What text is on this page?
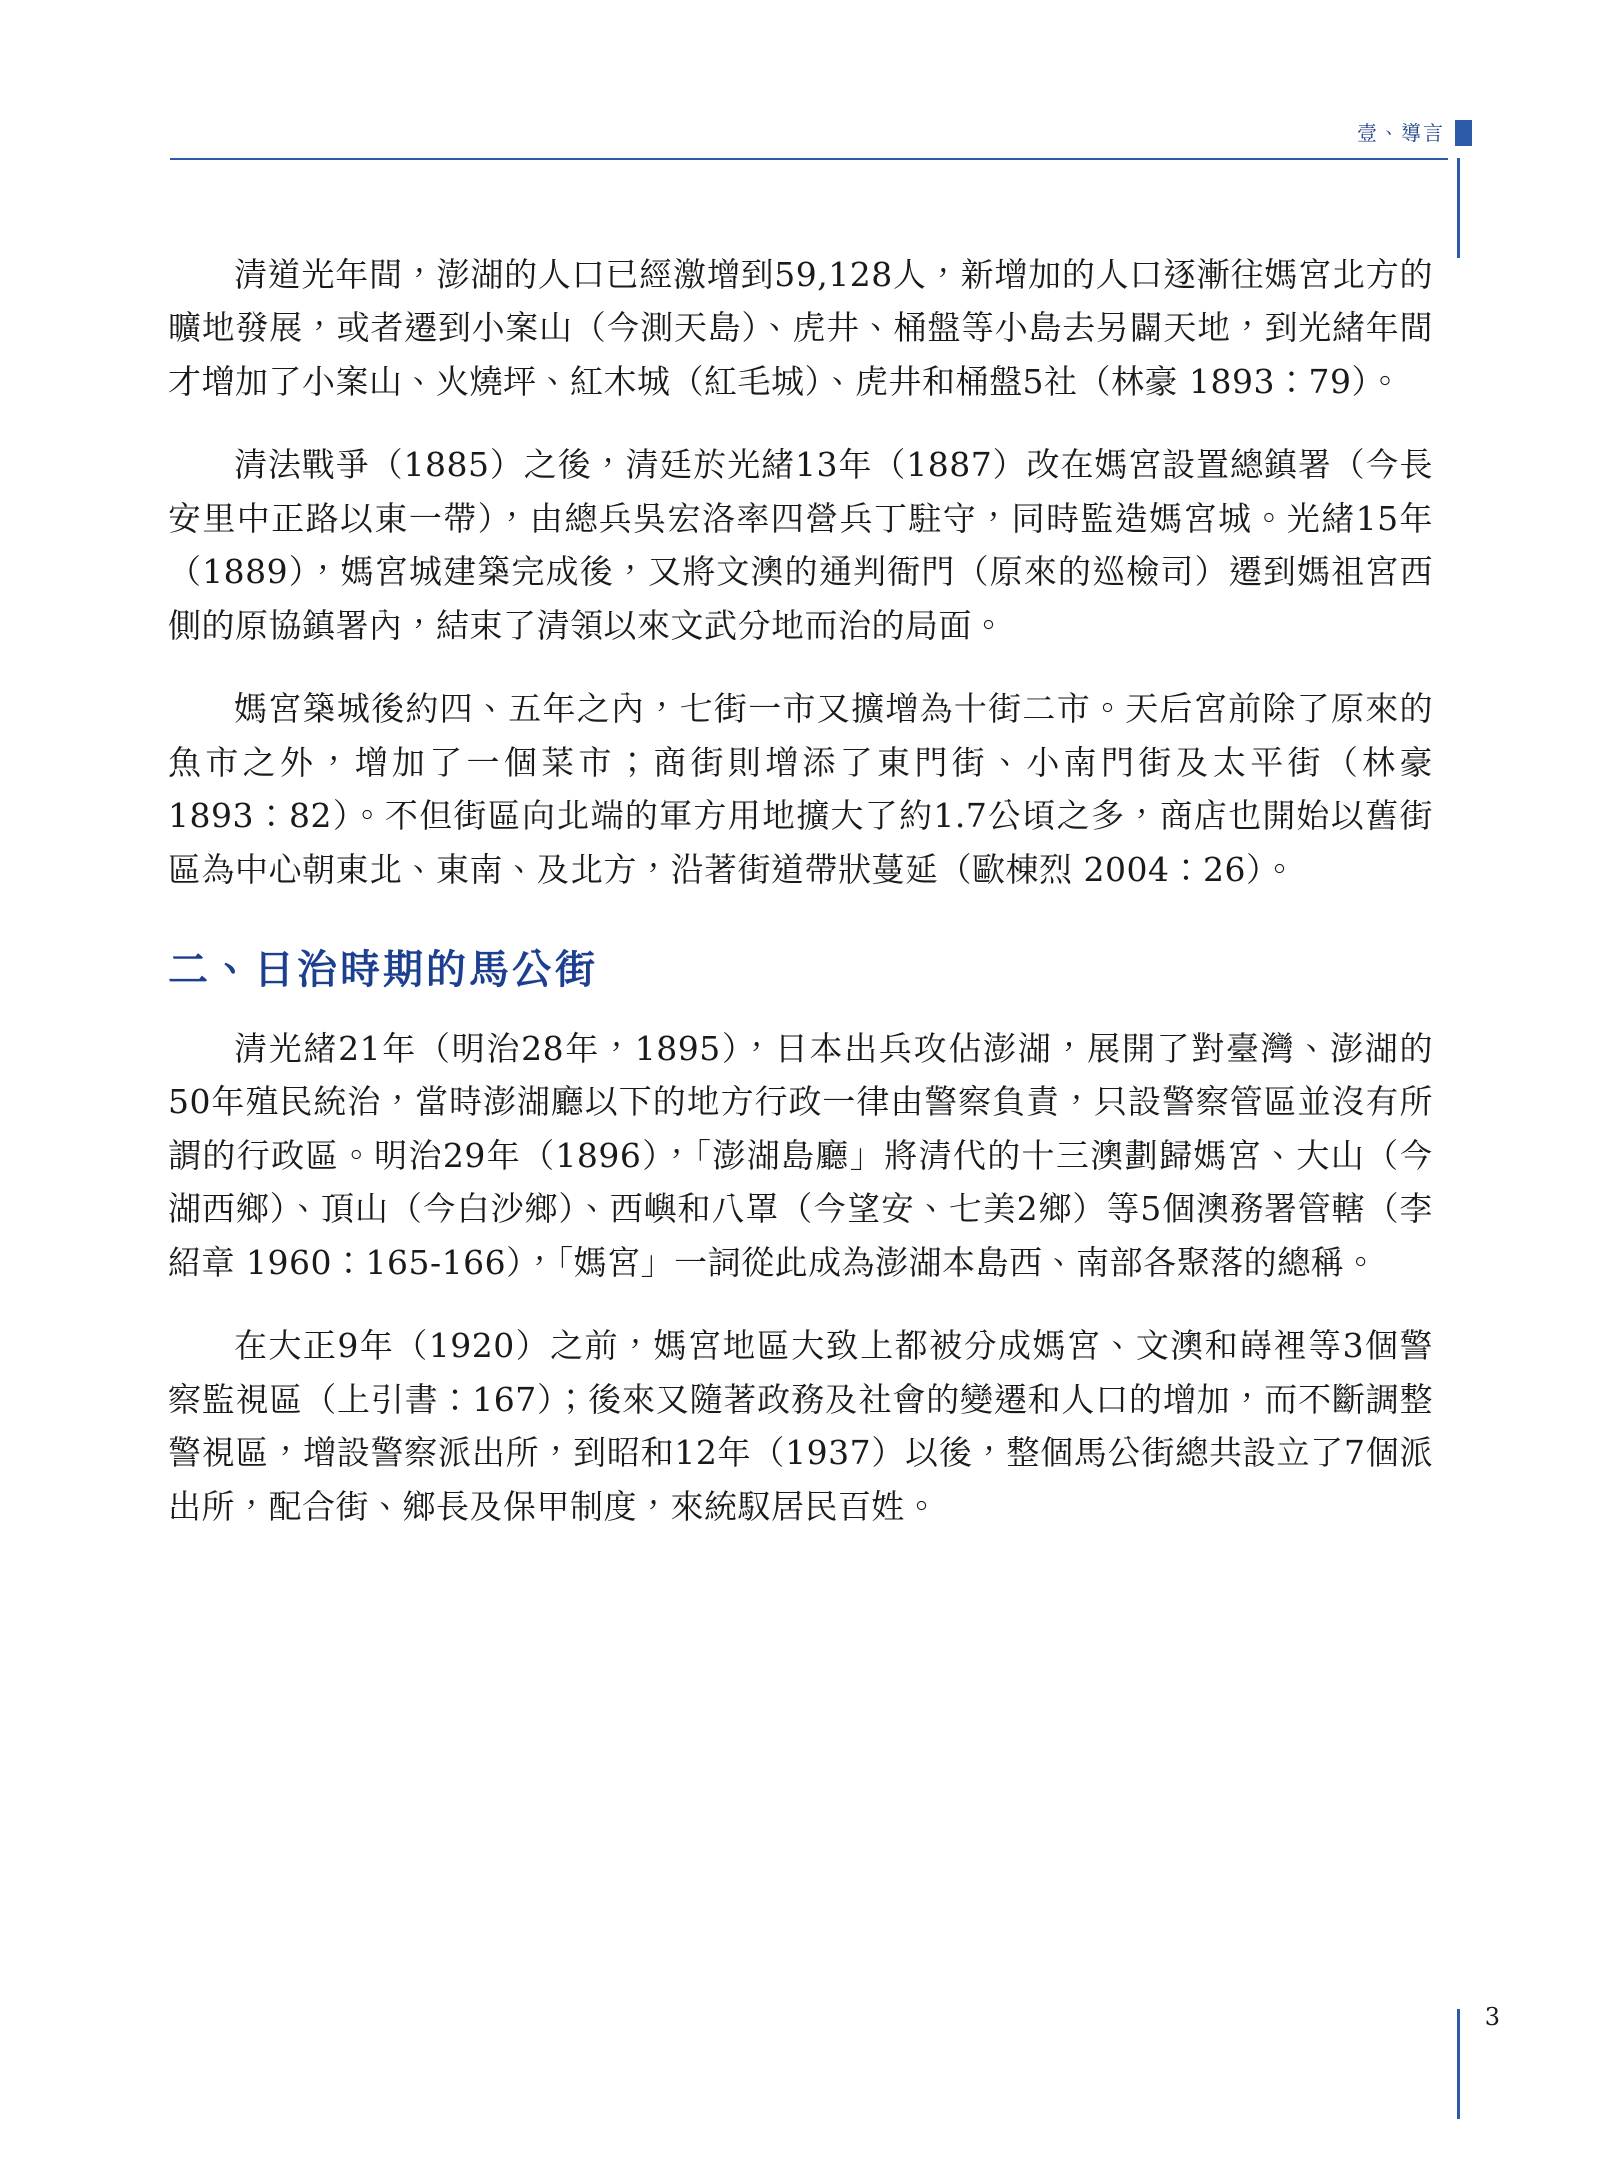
壹、導言

清道光年間，澎湖的人口已經激增到59,128人，新增加的人口逐漸往媽宮北方的曠地發展，或者遷到小案山（今測天島）、虎井、桶盤等小島去另闢天地，到光緒年間才增加了小案山、火燒坪、紅木城（紅毛城）、虎井和桶盤5社（林豪 1893：79）。

清法戰爭（1885）之後，清廷於光緒13年（1887）改在媽宮設置總鎮署（今長安里中正路以東一帶），由總兵吳宏洛率四營兵丁駐守，同時監造媽宮城。光緒15年（1889），媽宮城建築完成後，又將文澳的通判衙門（原來的巡檢司）遷到媽祖宮西側的原協鎮署內，結束了清領以來文武分地而治的局面。

媽宮築城後約四、五年之內，七街一市又擴增為十街二市。天后宮前除了原來的魚市之外，增加了一個菜市；商街則增添了東門街、小南門街及太平街（林豪 1893：82）。不但街區向北端的軍方用地擴大了約1.7公頃之多，商店也開始以舊街區為中心朝東北、東南、及北方，沿著街道帶狀蔓延（歐棟烈 2004：26）。

二、日治時期的馬公街

清光緒21年（明治28年，1895），日本出兵攻佔澎湖，展開了對臺灣、澎湖的50年殖民統治，當時澎湖廳以下的地方行政一律由警察負責，只設警察管區並沒有所謂的行政區。明治29年（1896），「澎湖島廳」將清代的十三澳劃歸媽宮、大山（今湖西鄉）、頂山（今白沙鄉）、西嶼和八罩（今望安、七美2鄉）等5個澳務署管轄（李紹章 1960：165-166），「媽宮」一詞從此成為澎湖本島西、南部各聚落的總稱。

在大正9年（1920）之前，媽宮地區大致上都被分成媽宮、文澳和嵵裡等3個警察監視區（上引書：167）；後來又隨著政務及社會的變遷和人口的增加，而不斷調整警視區，增設警察派出所，到昭和12年（1937）以後，整個馬公街總共設立了7個派出所，配合街、鄉長及保甲制度，來統馭居民百姓。

3
